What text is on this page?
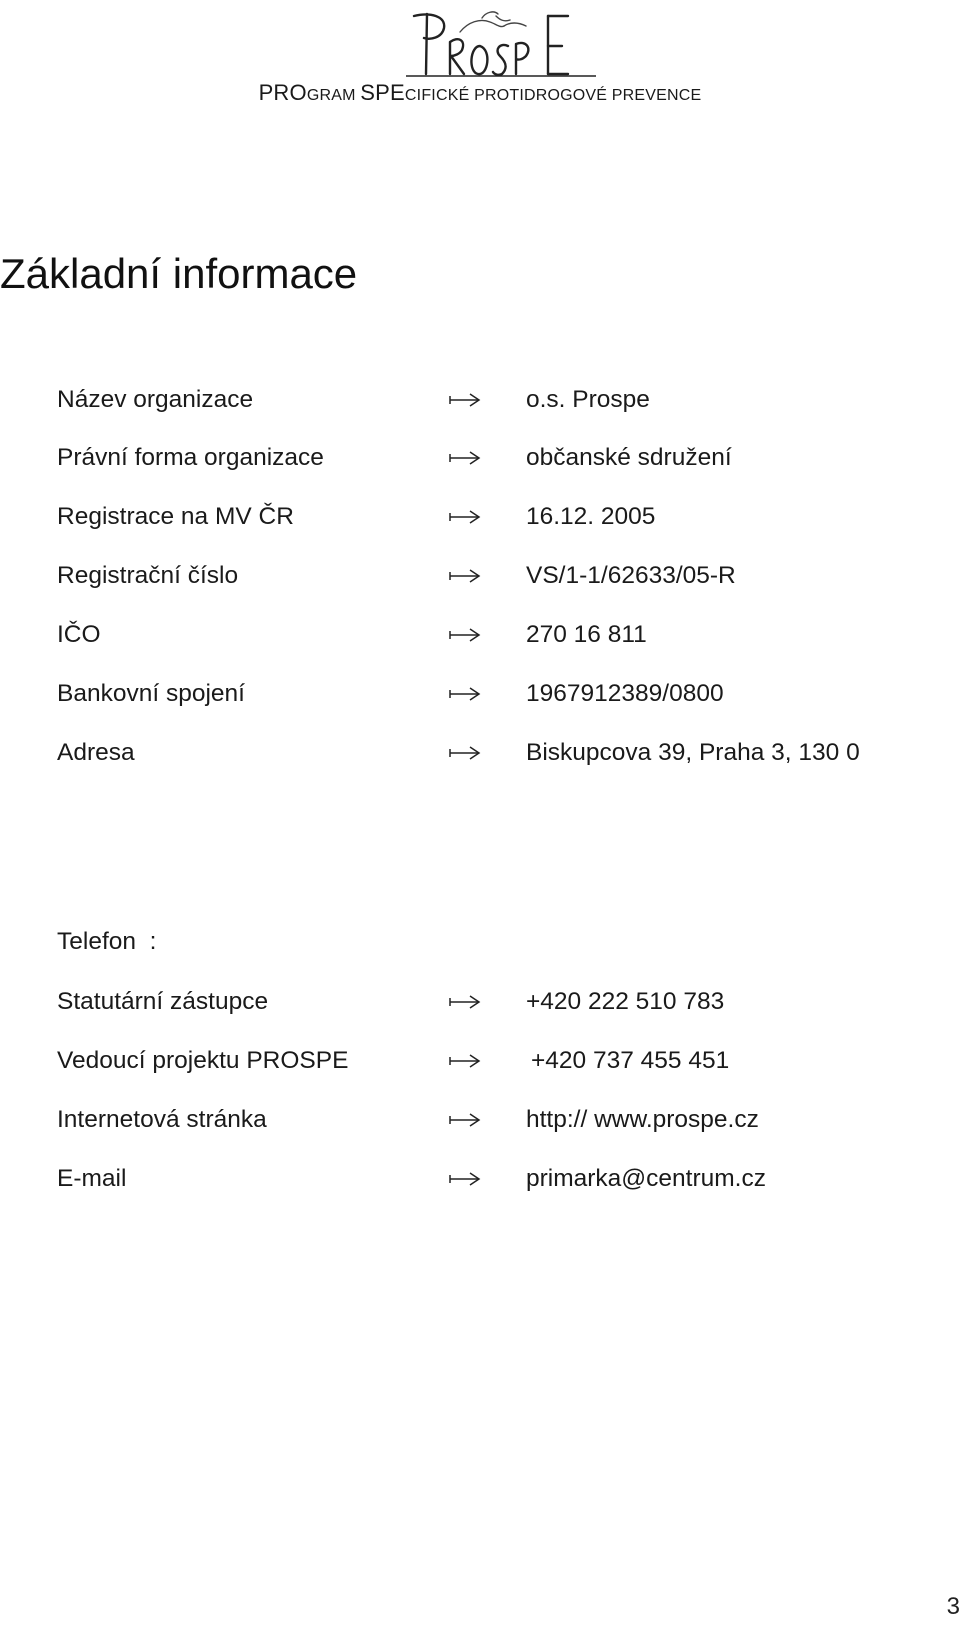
PROGRAM SPECIFICKÉ PROTIDROGOVÉ PREVENCE
Základní informace
Název organizace	o.s. Prospe
Právní forma organizace	občanské sdružení
Registrace na MV ČR	16.12. 2005
Registrační číslo	VS/1-1/62633/05-R
IČO	270 16 811
Bankovní spojení	1967912389/0800
Adresa	Biskupcova 39, Praha 3, 130 0
Telefon  :
Statutární zástupce	+420 222 510 783
Vedoucí projektu PROSPE	+420 737 455 451
Internetová stránka	http:// www.prospe.cz
E-mail	primarka@centrum.cz
3
